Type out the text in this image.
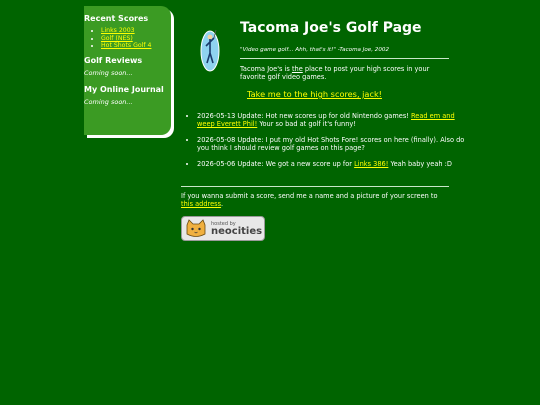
Recent Scores
• Links 2003
• Golf (NES)
• Hot Shots Golf 4
Golf Reviews

Coming soon...

My Online Journal

Coming soon...

Tacoma Joe's Golf Page
"Video game golf... Ahh, that's it!" -Tacoma Joe, 2002
Tacoma Joe's is the place to post your high scores in your favorite golf video games.
Take me to the high scores, jack!
• 2026-05-13 Update: Hot new scores up for old Nintendo games! Read em and weep Everett Phil! Your so bad at golf it's funny!
• 2026-05-08 Update: I put my old Hot Shots Fore! scores on here (finally). Also do you think I should review golf games on this page?
• 2026-05-06 Update: We got a new score up for Links 386! Yeah baby yeah :D
If you wanna submit a score, send me a name and a picture of your screen to this address.
hosted by
neocities
